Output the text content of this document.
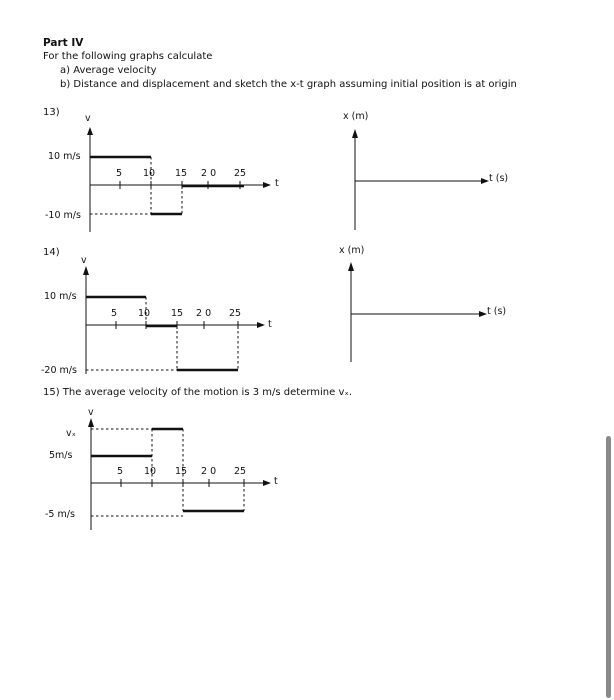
Part IV
For the following graphs calculate
a) Average velocity
b) Distance and displacement and sketch the x-t graph assuming initial position is at origin
13)
v
10 m/s
-10 m/s
t
5 10 15 2 0 25
x (m)
t (s)
14)
v
10 m/s
-20 m/s
t
5 10 15 2 0 25
x (m)
t (s)
15) The average velocity of the motion is 3 m/s determine vₓ.
v
vₓ
5m/s
-5 m/s
t
5 10 15 2 0 25
